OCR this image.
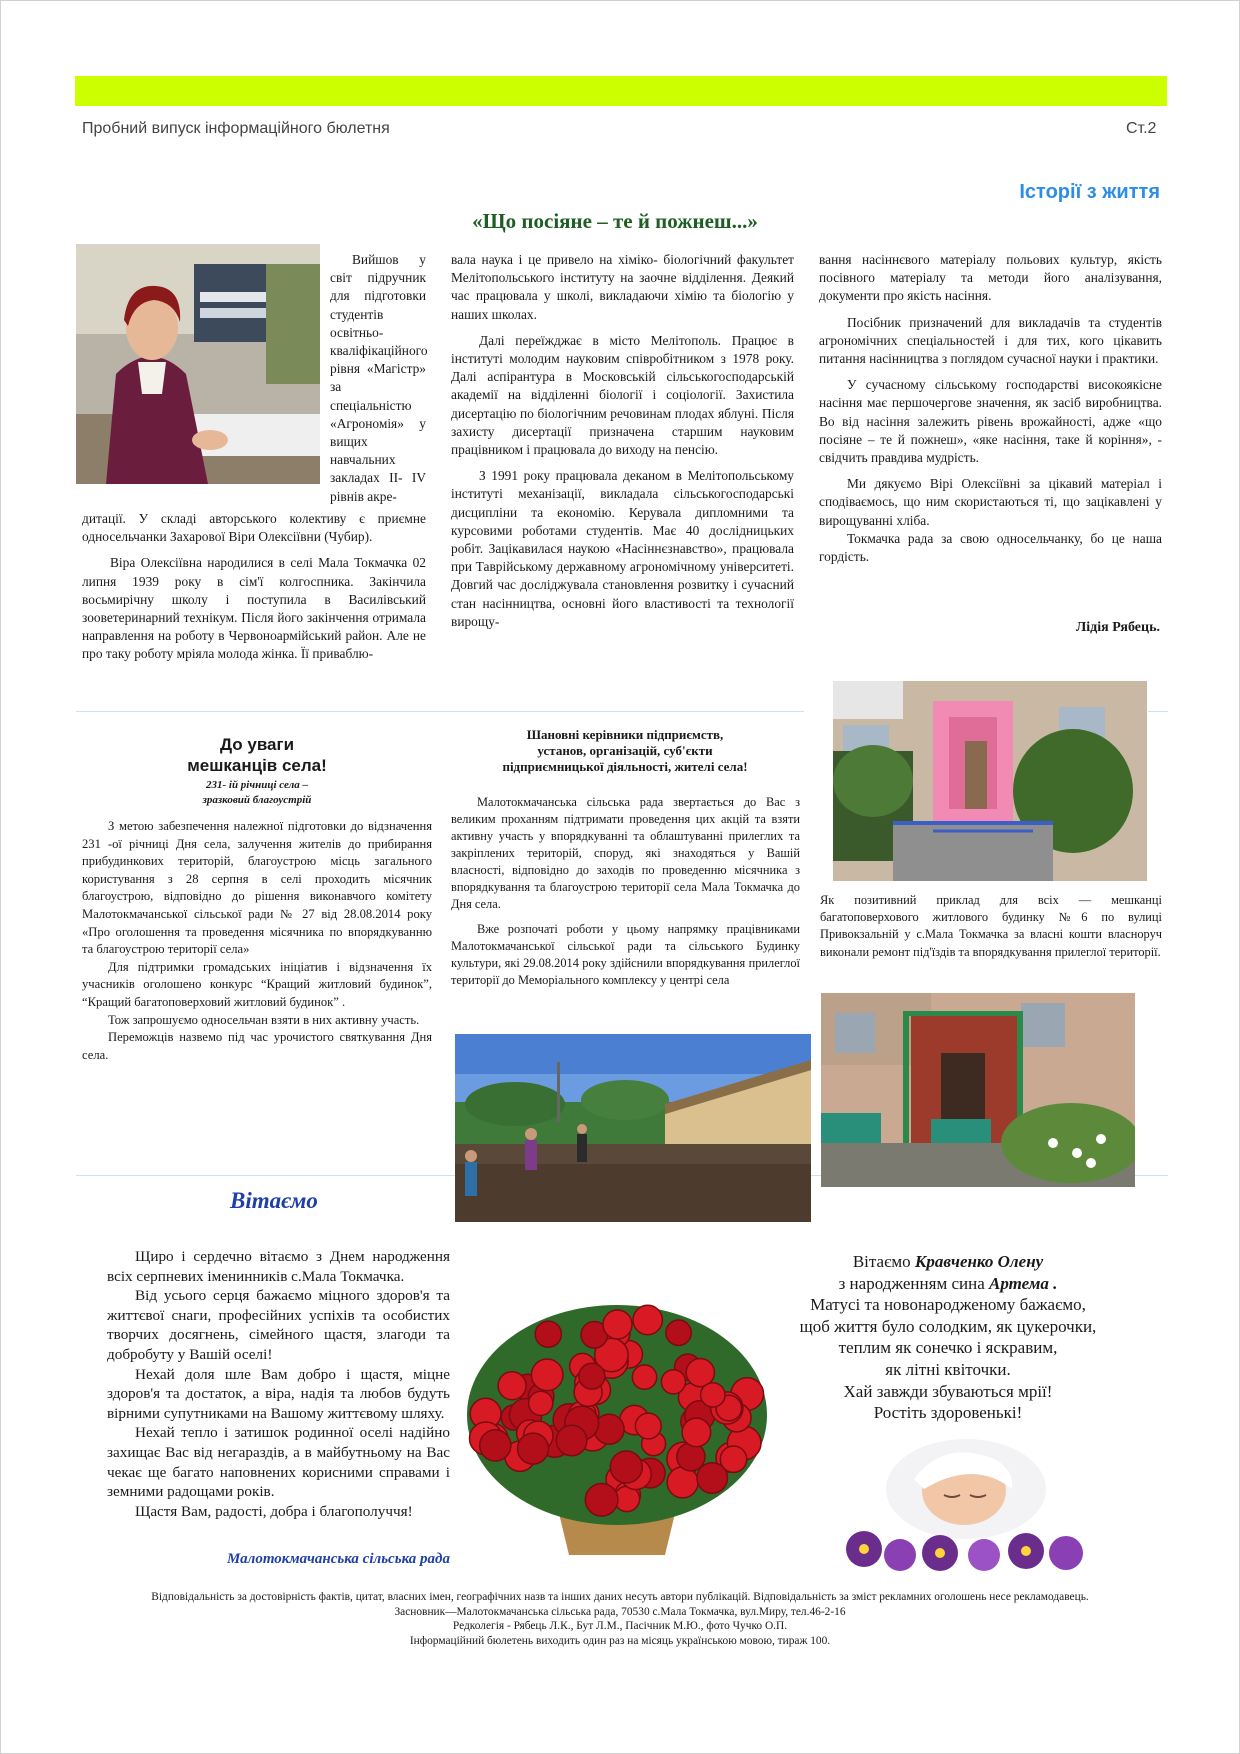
Пробний випуск інформаційного бюлетня	Ст.2
Історії з життя
«Що посіяне – те й пожнеш...»

Вийшов у світ підручник для підготовки студентів освітньо-кваліфікаційного рівня «Магістр» за спеціальністю «Агрономія» у вищих навчальних закладах ІІ- IV рівнів акре-

дитації. У складі авторського колективу є приємне односельчанки Захарової Віри Олексіївни (Чубир).

Віра Олексіївна народилися в селі Мала Токмачка 02 липня 1939 року в сім'ї колгоспника. Закінчила восьмирічну школу і поступила в Василівський зооветеринарний технікум. Після його закінчення отримала направлення на роботу в Червоноармійський район. Але не про таку роботу мріяла молода жінка. Її приваблю-

вала наука і це привело на хіміко- біологічний факультет Мелітопольського інституту на заочне відділення. Деякий час працювала у школі, викладаючи хімію та біологію у наших школах.

Далі переїжджає в місто Мелітополь. Працює в інституті молодим науковим співробітником з 1978 року. Далі аспірантура в Московській сільськогосподарській академії на відділенні біології і соціології. Захистила дисертацію по біологічним речовинам плодах яблуні. Після захисту дисертації призначена старшим науковим працівником і працювала до виходу на пенсію.

З 1991 року працювала деканом в Мелітопольському інституті механізації, викладала сільськогосподарські дисципліни та економію. Керувала дипломними та курсовими роботами студентів. Має 40 дослідницьких робіт. Зацікавилася наукою «Насіннєзнавство», працювала при Таврійському державному агрономічному університеті. Довгий час досліджувала становлення розвитку і сучасний стан насінництва, основні його властивості та технології вирощу-

вання насіннєвого матеріалу польових культур, якість посівного матеріалу та методи його аналізування, документи про якість насіння.

Посібник призначений для викладачів та студентів агрономічних спеціальностей і для тих, кого цікавить питання насінництва з поглядом сучасної науки і практики.

У сучасному сільському господарстві високоякісне насіння має першочергове значення, як засіб виробництва. Во від насіння залежить рівень врожайності, адже «що посіяне – те й пожнеш», «яке насіння, таке й коріння», - свідчить правдива мудрість.

Ми дякуємо Вірі Олексіївні за цікавий матеріал і сподіваємось, що ним скористаються ті, що зацікавлені у вирощуванні хліба.

Токмачка рада за свою односельчанку, бо це наша гордість.

Лідія Рябець.
До уваги
мешканців села!
231- ій річниці села –
зразковий благоустрій

З метою забезпечення належної підготовки до відзначення 231 -ої річниці Дня села, залучення жителів до прибирання прибудинкових територій, благоустрою місць загального користування з 28 серпня в селі проходить місячник благоустрою, відповідно до рішення виконавчого комітету Малотокмачанської сільської ради № 27 від 28.08.2014 року «Про оголошення та проведення місячника по впорядкуванню та благоустрою території села»

Для підтримки громадських ініціатив і відзначення їх учасників оголошено конкурс “Кращий житловий будинок”, “Кращий багатоповерховий житловий будинок” .

Тож запрошуємо односельчан взяти в них активну участь.

Переможців назвемо під час урочистого святкування Дня села.

Шановні керівники підприємств,
установ, організацій, суб'єкти
підприємницької діяльності, жителі села!

Малотокмачанська сільська рада звертається до Вас з великим проханням підтримати проведення цих акцій та взяти активну участь у впорядкуванні та облаштуванні прилеглих та закріплених територій, споруд, які знаходяться у Вашій власності, відповідно до заходів по проведенню місячника з впорядкування та благоустрою території села Мала Токмачка до Дня села.

Вже розпочаті роботи у цьому напрямку працівниками Малотокмачанської сільської ради та сільського Будинку культури, які 29.08.2014 року здійснили впорядкування прилеглої території до Меморіального комплексу у центрі села

Як позитивний приклад для всіх — мешканці багатоповерхового житлового будинку №6 по вулиці Привокзальній у с.Мала Токмачка за власні кошти власноруч виконали ремонт під'їздів та впорядкування прилеглої території.
Вітаємо

Щиро і сердечно вітаємо з Днем народження всіх серпневих іменинників с.Мала Токмачка.

Від усього серця бажаємо міцного здоров'я та життєвої снаги, професійних успіхів та особистих творчих досягнень, сімейного щастя, злагоди та добробуту у Вашій оселі!

Нехай доля шле Вам добро і щастя, міцне здоров'я та достаток, а віра, надія та любов будуть вірними супутниками на Вашому життєвому шляху.

Нехай тепло і затишок родинної оселі надійно захищає Вас від негараздів, а в майбутньому на Вас чекає ще багато наповнених корисними справами і земними радощами років.

Щастя Вам, радості, добра і благополуччя!

Малотокмачанська сільська рада
Вітаємо Кравченко Олену
з народженням сина Артема .
Матусі та новонародженому бажаємо,
щоб життя було солодким, як цукерочки,
теплим як сонечко і яскравим,
як літні квіточки.
Хай завжди збуваються мрії!
Ростіть здоровенькі!
Відповідальність за достовірність фактів, цитат, власних імен, географічних назв та інших даних несуть автори публікацій. Відповідальність за зміст рекламних оголошень несе рекламодавець.
Засновник—Малотокмачанська сільська рада, 70530 с.Мала Токмачка, вул.Миру, тел.46-2-16
Редколегія - Рябець Л.К., Бут Л.М., Пасічник М.Ю., фото Чучко О.П.
Інформаційний бюлетень виходить один раз на місяць українською мовою, тираж 100.
